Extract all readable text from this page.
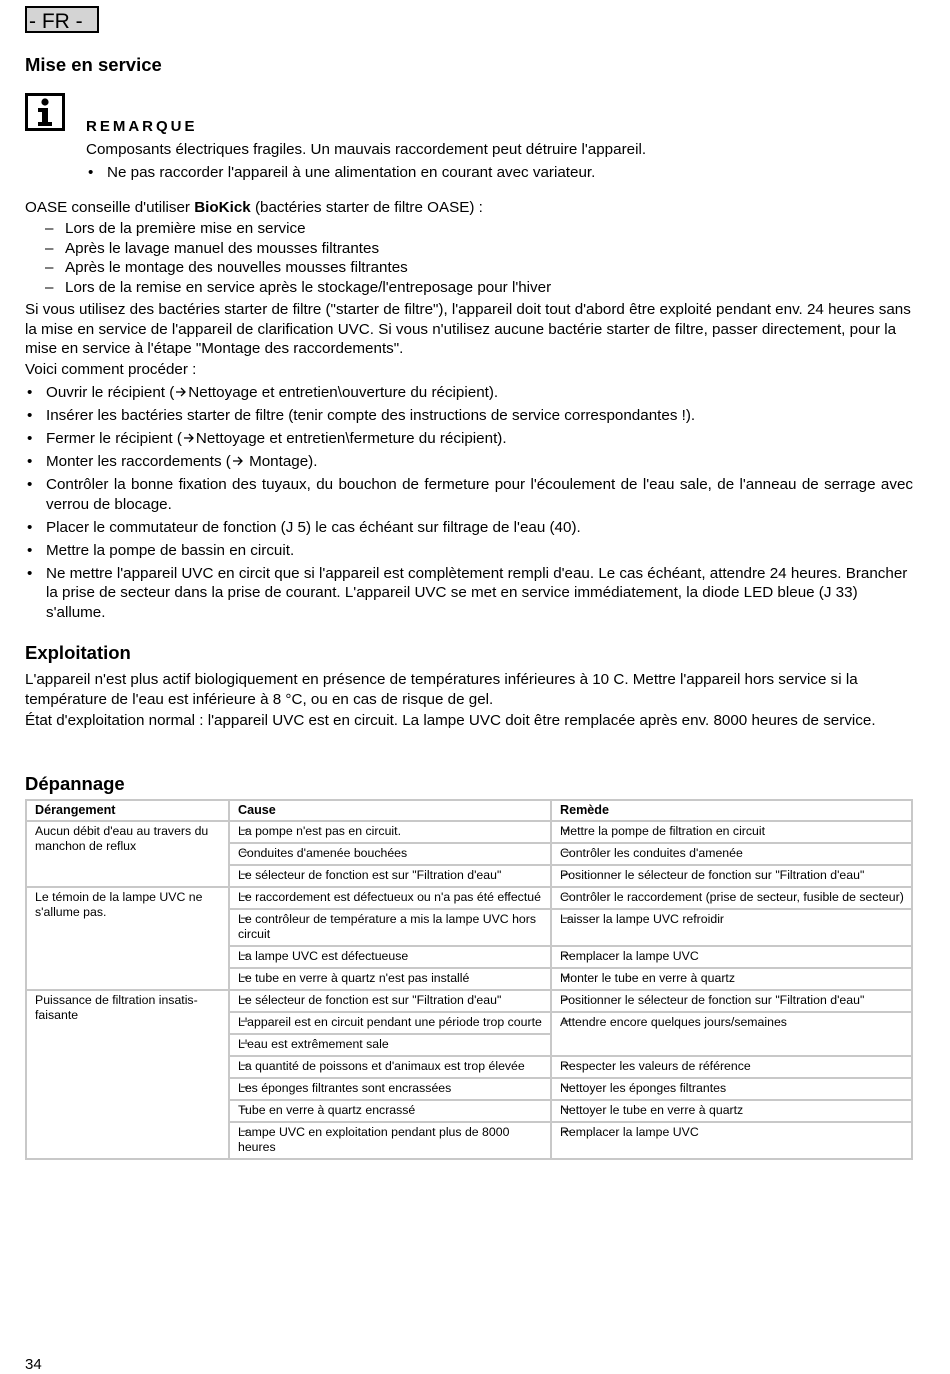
- FR -
Mise en service
REMARQUE
Composants électriques fragiles. Un mauvais raccordement peut détruire l'appareil.
• Ne pas raccorder l'appareil à une alimentation en courant avec variateur.
OASE conseille d'utiliser BioKick (bactéries starter de filtre OASE) :
– Lors de la première mise en service
– Après le lavage manuel des mousses filtrantes
– Après le montage des nouvelles mousses filtrantes
– Lors de la remise en service après le stockage/l'entreposage pour l'hiver
Si vous utilisez des bactéries starter de filtre ("starter de filtre"), l'appareil doit tout d'abord être exploité pendant env. 24 heures sans la mise en service de l'appareil de clarification UVC. Si vous n'utilisez aucune bactérie starter de filtre, passer directement, pour la mise en service à l'étape "Montage des raccordements".
Voici comment procéder :
• Ouvrir le récipient ( Nettoyage et entretien\ouverture du récipient).
• Insérer les bactéries starter de filtre (tenir compte des instructions de service correspondantes !).
• Fermer le récipient ( Nettoyage et entretien\fermeture du récipient).
• Monter les raccordements ( Montage).
• Contrôler la bonne fixation des tuyaux, du bouchon de fermeture pour l'écoulement de l'eau sale, de l'anneau de serrage avec verrou de blocage.
• Placer le commutateur de fonction (J 5) le cas échéant sur filtrage de l'eau (40).
• Mettre la pompe de bassin en circuit.
• Ne mettre l'appareil UVC en circit que si l'appareil est complètement rempli d'eau. Le cas échéant, attendre 24 heures. Brancher la prise de secteur dans la prise de courant. L'appareil UVC se met en service immédiatement, la diode LED bleue (J 33) s'allume.
Exploitation
L'appareil n'est plus actif biologiquement en présence de températures inférieures à 10 C. Mettre l'appareil hors service si la température de l'eau est inférieure à 8 °C, ou en cas de risque de gel.
État d'exploitation normal : l'appareil UVC est en circuit. La lampe UVC doit être remplacée après env. 8000 heures de service.
Dépannage
Dérangement	Cause	Remède
Aucun débit d'eau au travers du manchon de reflux	– La pompe n'est pas en circuit.	– Mettre la pompe de filtration en circuit
	– Conduites d'amenée bouchées	– Contrôler les conduites d'amenée
	– Le sélecteur de fonction est sur "Filtration d'eau"	– Positionner le sélecteur de fonction sur "Filtration d'eau"
Le témoin de la lampe UVC ne s'allume pas.	– Le raccordement est défectueux ou n'a pas été effectué	– Contrôler le raccordement (prise de secteur, fusible de secteur)
	– Le contrôleur de température a mis la lampe UVC hors circuit	– Laisser la lampe UVC refroidir
	– La lampe UVC est défectueuse	– Remplacer la lampe UVC
	– Le tube en verre à quartz n'est pas installé	– Monter le tube en verre à quartz
Puissance de filtration insatis-faisante	– Le sélecteur de fonction est sur "Filtration d'eau"	– Positionner le sélecteur de fonction sur "Filtration d'eau"
	– L'appareil est en circuit pendant une période trop courte	– Attendre encore quelques jours/semaines
	– L'eau est extrêmement sale
	– La quantité de poissons et d'animaux est trop élevée	– Respecter les valeurs de référence
	– Les éponges filtrantes sont encrassées	– Nettoyer les éponges filtrantes
	– Tube en verre à quartz encrassé	– Nettoyer le tube en verre à quartz
	– Lampe UVC en exploitation pendant plus de 8000 heures	– Remplacer la lampe UVC
34
